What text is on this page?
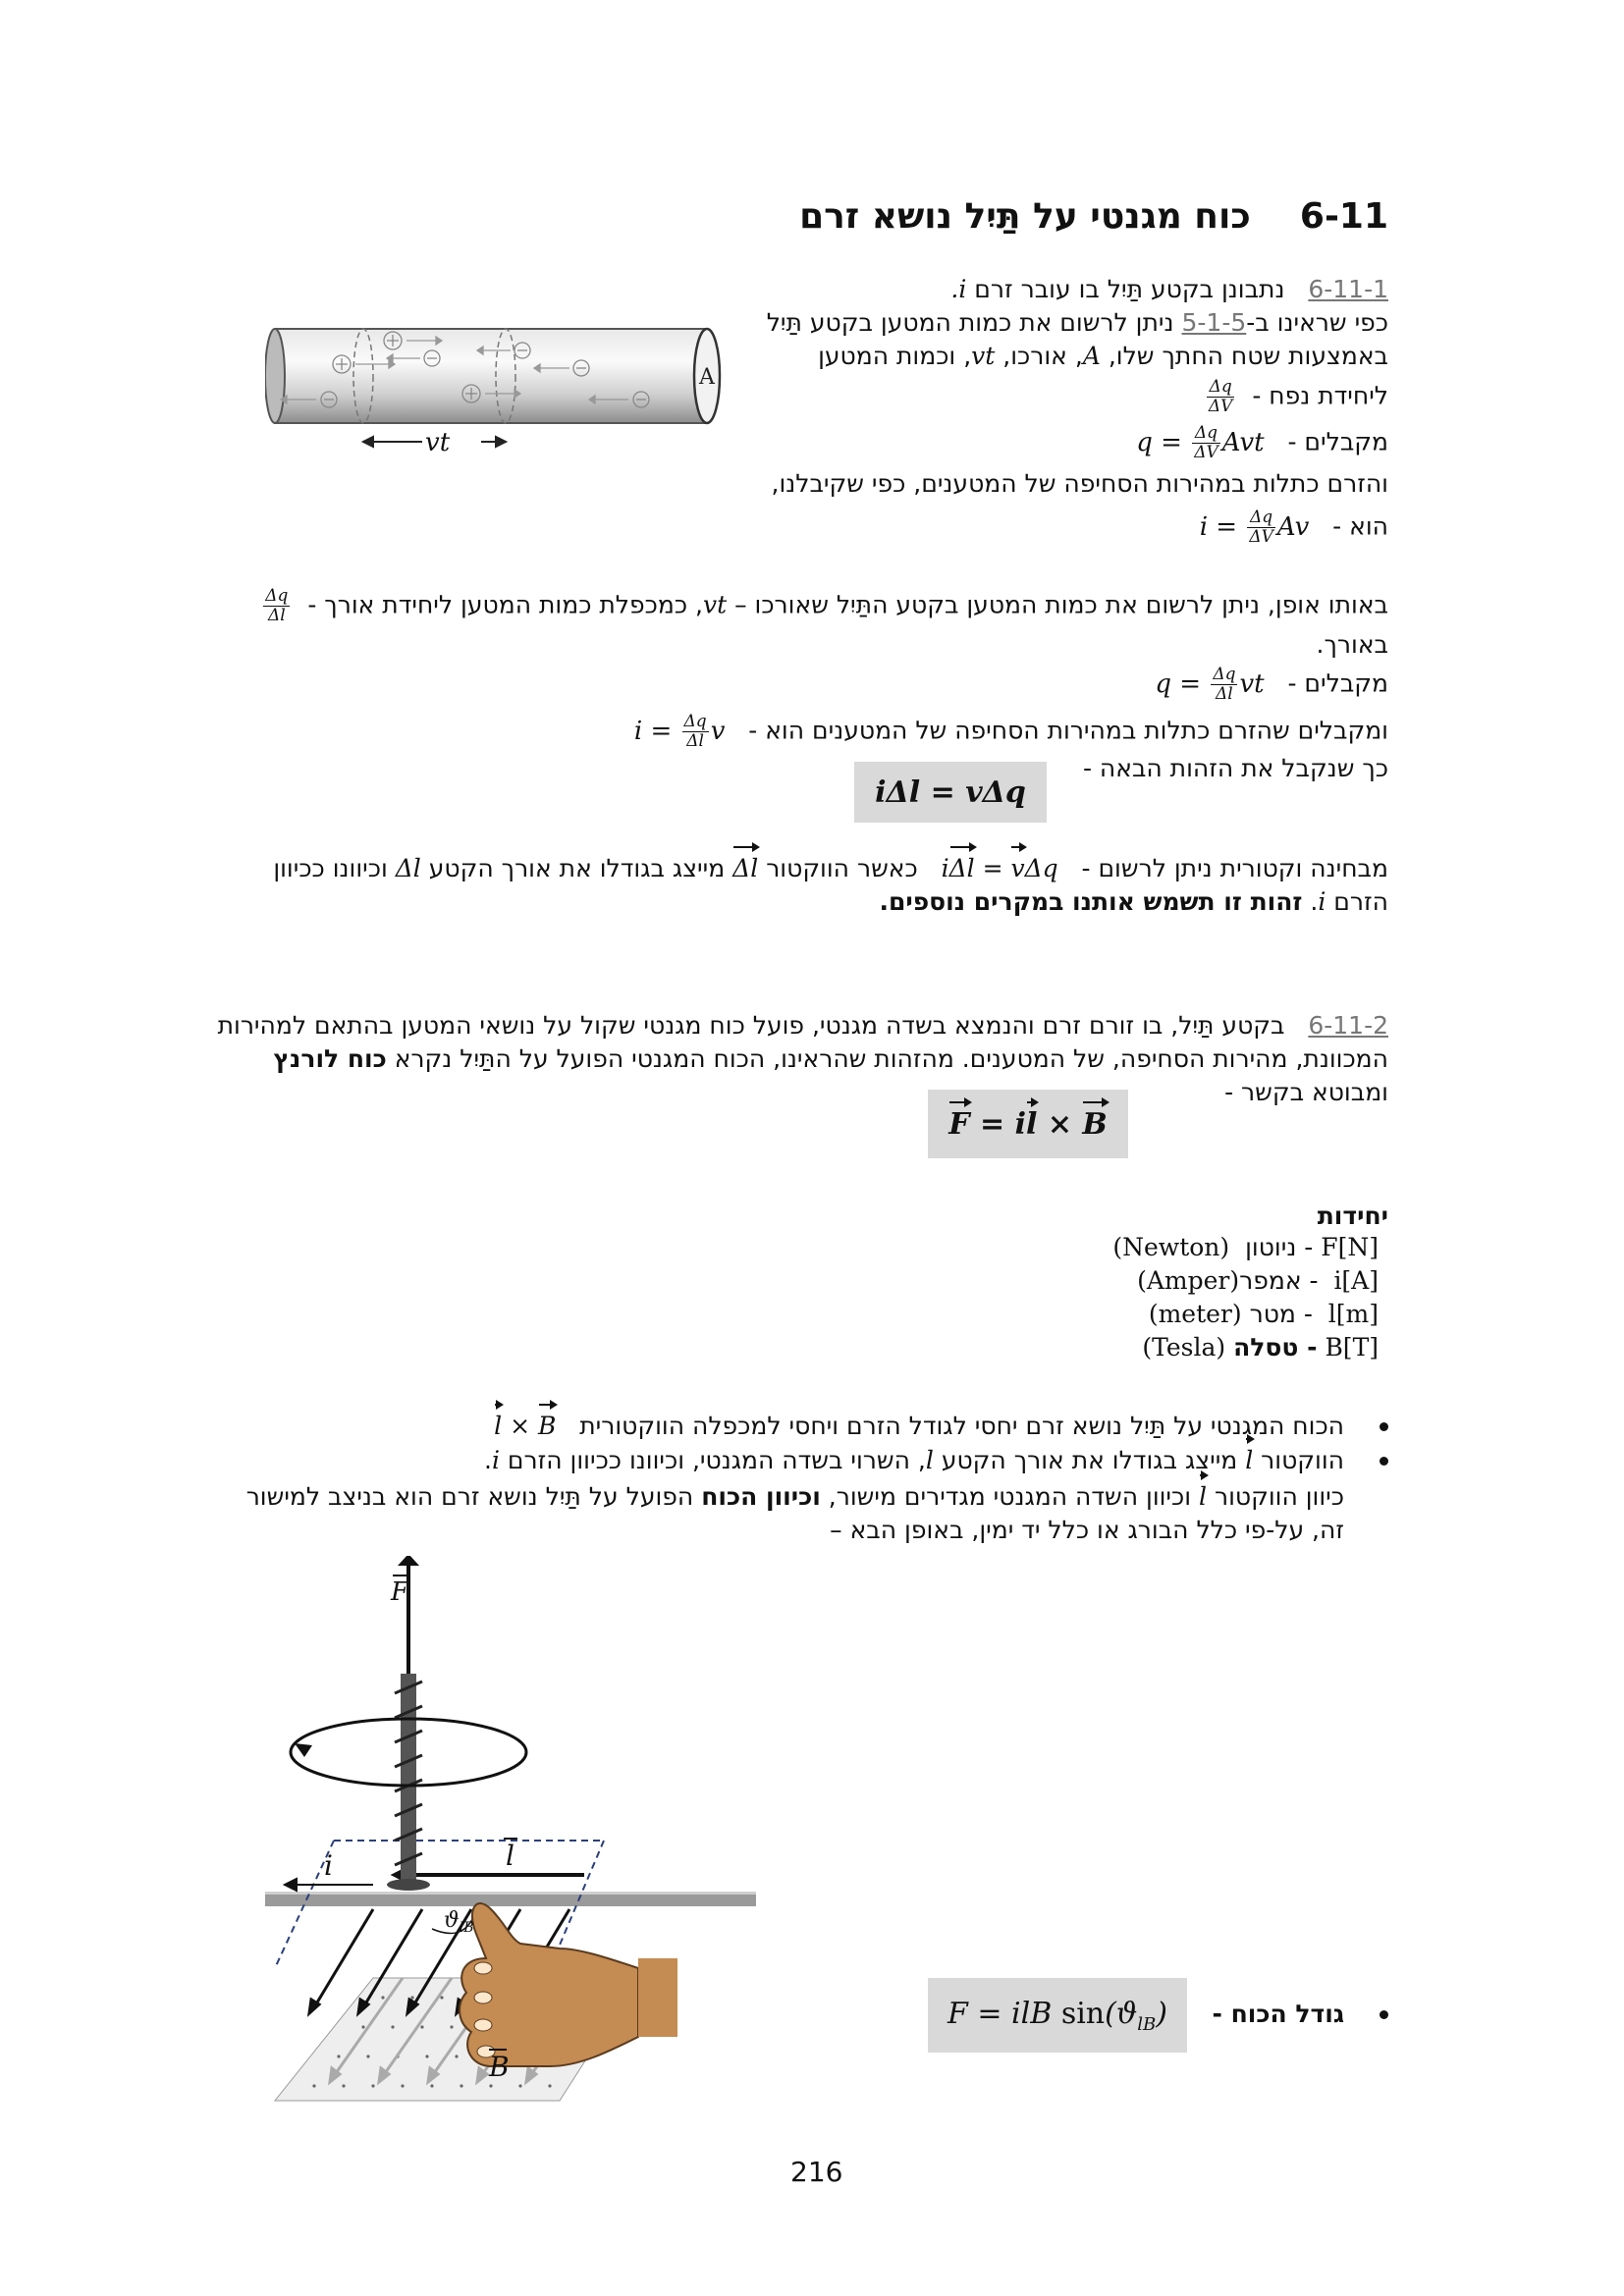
6-11    כוח מגנטי על תַּיִל נושא זרם
A
vt
6-11-1   נתבונן בקטע תַּיִל בו עובר זרם i.
כפי שראינו ב-5-1-5 ניתן לרשום את כמות המטען בקטע תַּיִל
באמצעות שטח החתך שלו, A, אורכו, vt, וכמות המטען
ליחידת נפח -
$\frac{\Delta q}{\Delta V}$
מקבלים -   $q = \frac{\Delta q}{\Delta V}$ Avt
והזרם כתלות במהירות הסחיפה של המטענים, כפי שקיבלנו,
הוא -   $i = \frac{\Delta q}{\Delta V}$ Av
באותו אופן, ניתן לרשום את כמות המטען בקטע התַּיִל שאורכו – vt, כמכפלת כמות המטען ליחידת אורך -
$\frac{\Delta q}{\Delta l}$
באורך.
מקבלים -   $q = \frac{\Delta q}{\Delta l}$ vt
ומקבלים שהזרם כתלות במהירות הסחיפה של המטענים הוא -   $i = \frac{\Delta q}{\Delta l}$ v
כך שנקבל את הזהות הבאה -
iΔl = vΔq
מבחינה וקטורית ניתן לרשום -   iΔl = vΔq   כאשר הווקטור Δl מייצג בגודלו את אורך הקטע Δl וכיוונו ככיוון
הזרם i. זהות זו תשמש אותנו במקרים נוספים.
6-11-2   בקטע תַּיִל, בו זורם זרם והנמצא בשדה מגנטי, פועל כוח מגנטי שקול על נושאי המטען בהתאם למהירות
המכוונת, מהירות הסחיפה, של המטענים. מהזהות שהראינו, הכוח המגנטי הפועל על התַּיִל נקרא כוח לורנץ
ומבוטא בקשר -
F = il × B
יחידות
F[N] - ניוטון  (Newton)
i[A]  - אמפר(Amper)
l[m]  - מטר (meter)
B[T] - טסלה (Tesla)
הכוח המגנטי על תַּיִל נושא זרם יחסי לגודל הזרם ויחסי למכפלה הווקטורית   l × B
הווקטור l מייצג בגודלו את אורך הקטע l, השרוי בשדה המגנטי, וכיוונו ככיוון הזרם i.
כיוון הווקטור l וכיוון השדה המגנטי מגדירים מישור, וכיוון הכוח הפועל על תַּיִל נושא זרם הוא בניצב למישור
זה, על-פי כלל הבורג או כלל יד ימין, באופן הבא –
F
i	l
$ϑ_{lB}$
B
גודל הכוח -
F = ilB $\sin(ϑ_{lB})$
216
